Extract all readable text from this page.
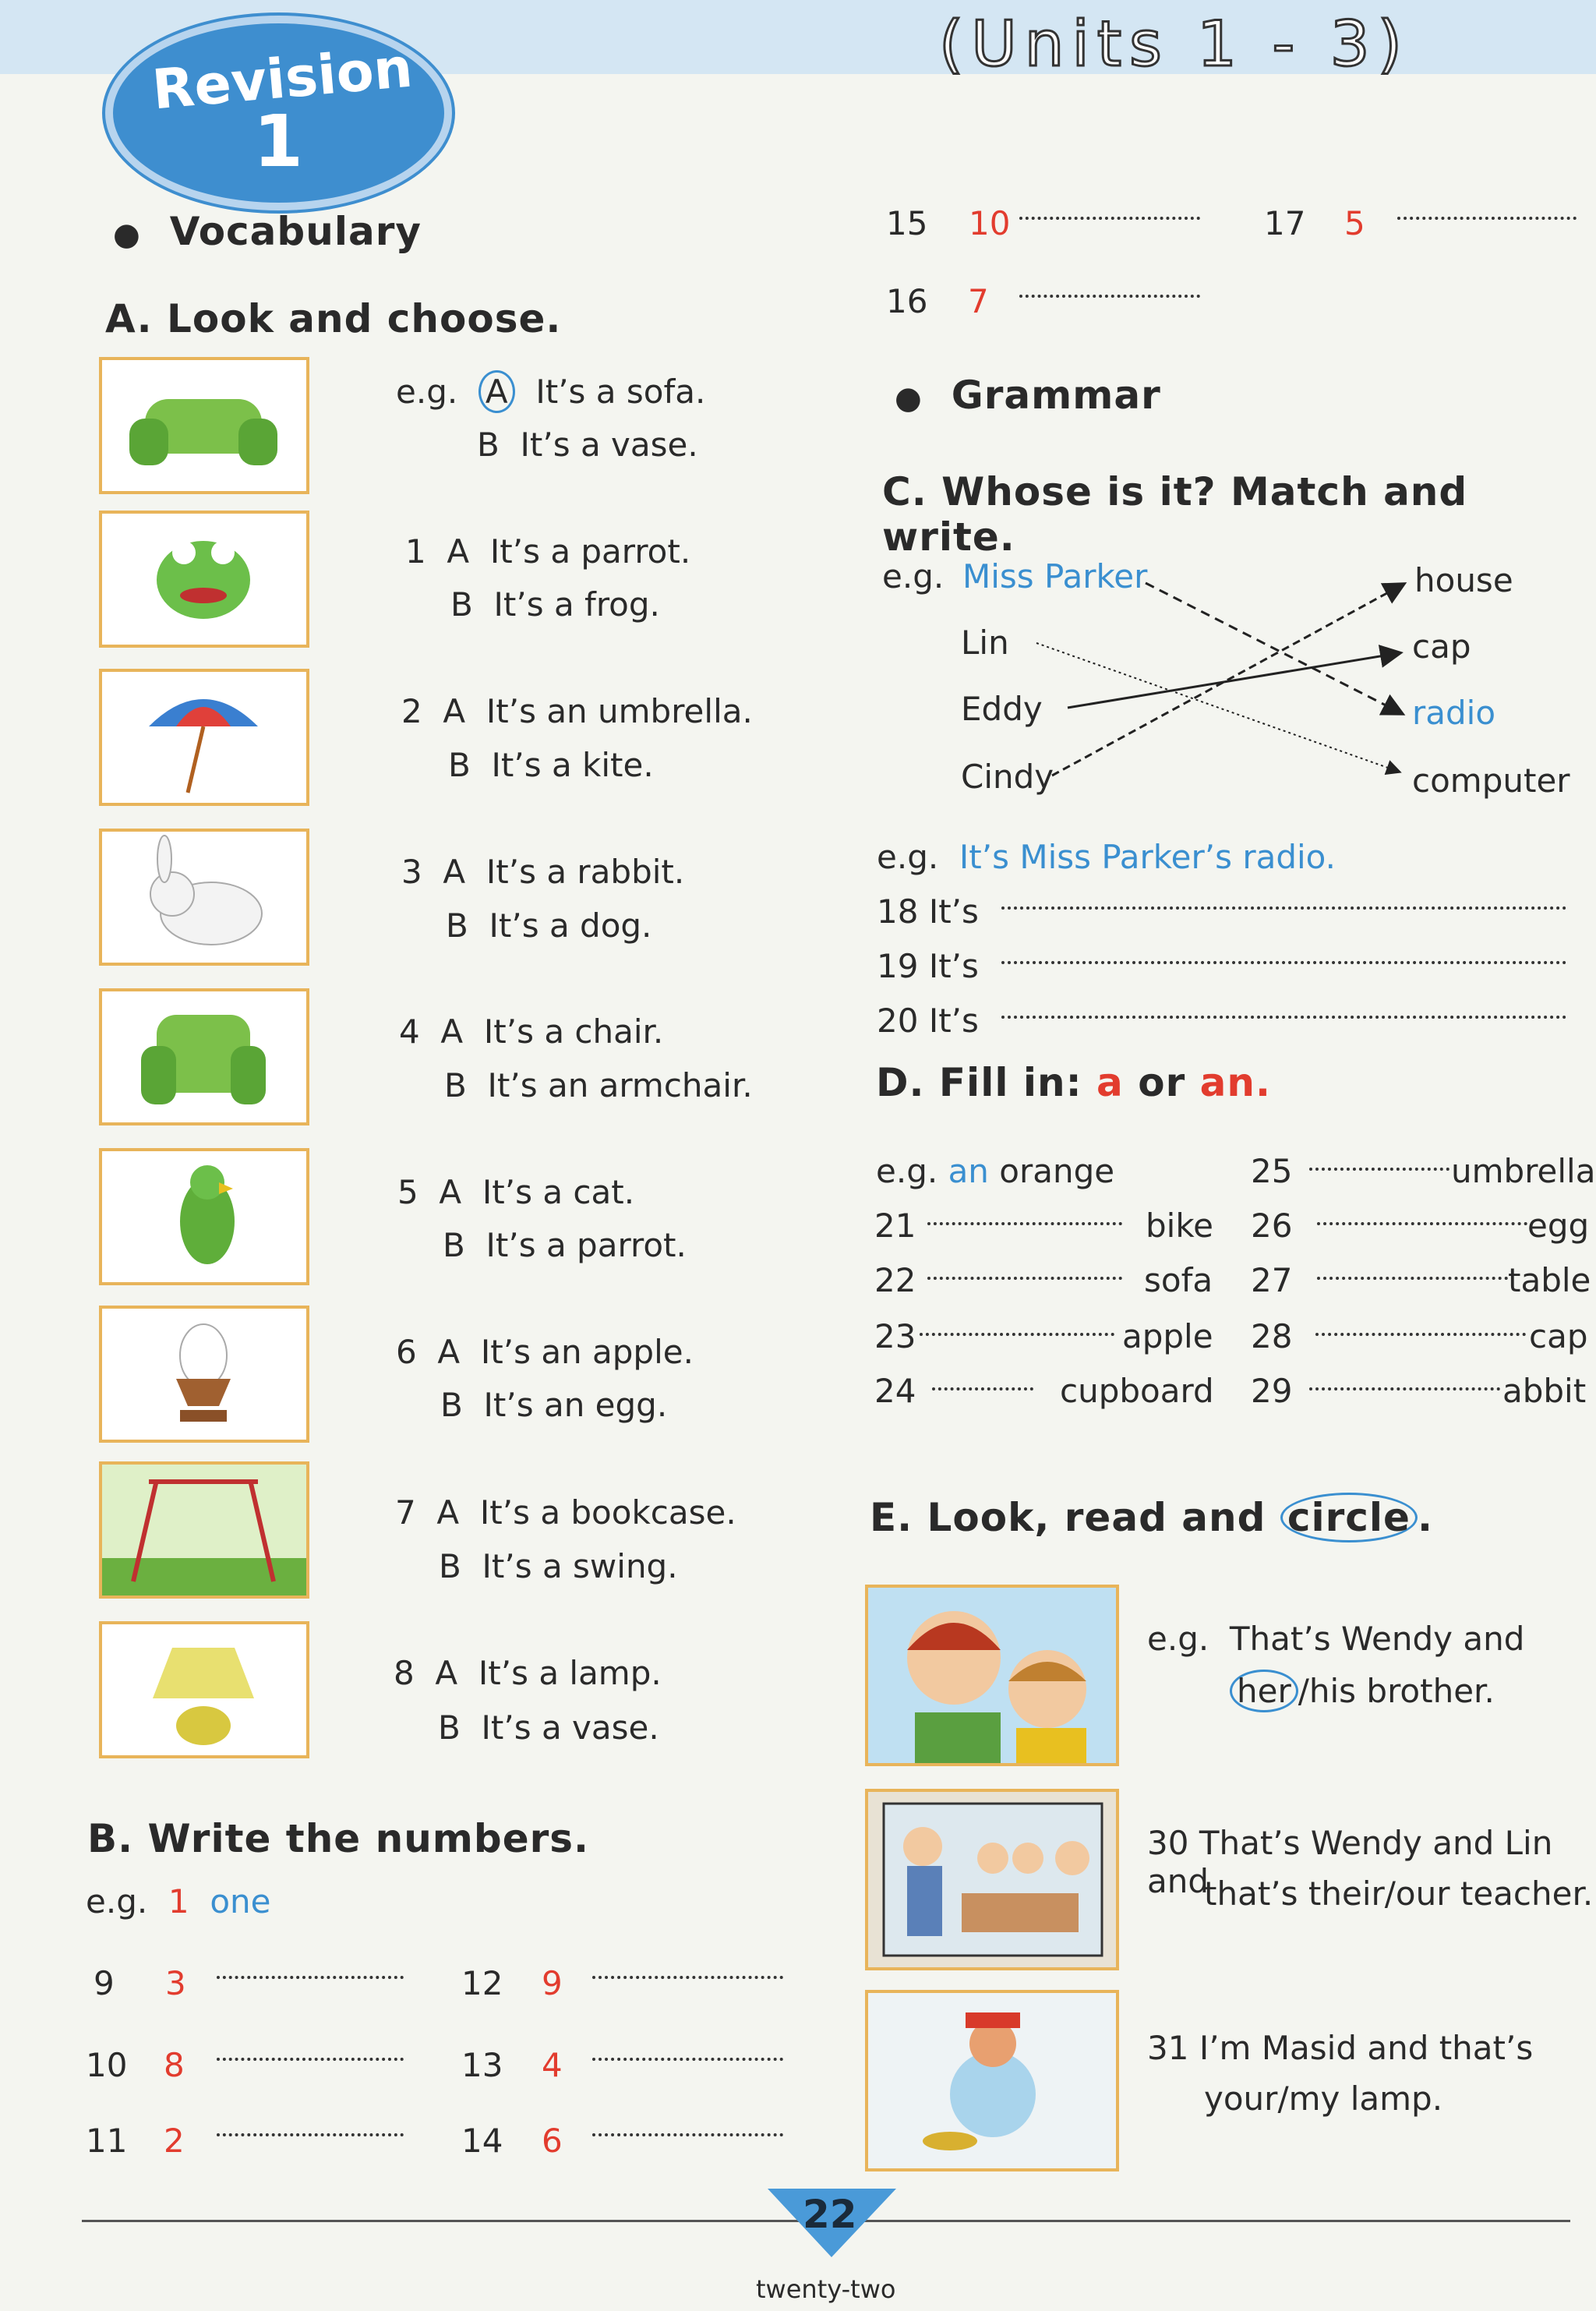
(Units 1 - 3)
Revision
1
● Vocabulary
A. Look and choose.
e.g. A It’s a sofa.
B It’s a vase.
1  A  It’s a parrot.
B  It’s a frog.
2  A  It’s an umbrella.
B  It’s a kite.
3  A  It’s a rabbit.
B  It’s a dog.
4  A  It’s a chair.
B  It’s an armchair.
5  A  It’s a cat.
B  It’s a parrot.
6  A  It’s an apple.
B  It’s an egg.
7  A  It’s a bookcase.
B  It’s a swing.
8  A  It’s a lamp.
B  It’s a vase.
B. Write the numbers.
e.g. 1 one
9 3
10 8
11 2
12 9
13 4
14 6
15 10	17 5
16 7
● Grammar
C. Whose is it? Match and write.
e.g. Miss Parker
Lin
Eddy
Cindy
house
cap
radio
computer
e.g. It’s Miss Parker’s radio.
18 It’s
19 It’s
20 It’s
D. Fill in: a or an.
e.g. an orange
21	bike
22	sofa
23	apple
24	cupboard
25	umbrella
26	egg
27	table
28	cap
29	abbit
E. Look, read and circle .
e.g. That’s Wendy and
her /his brother.
30 That’s Wendy and Lin and
that’s their/our teacher.
31 I’m Masid and that’s
your/my lamp.
22
twenty-two
